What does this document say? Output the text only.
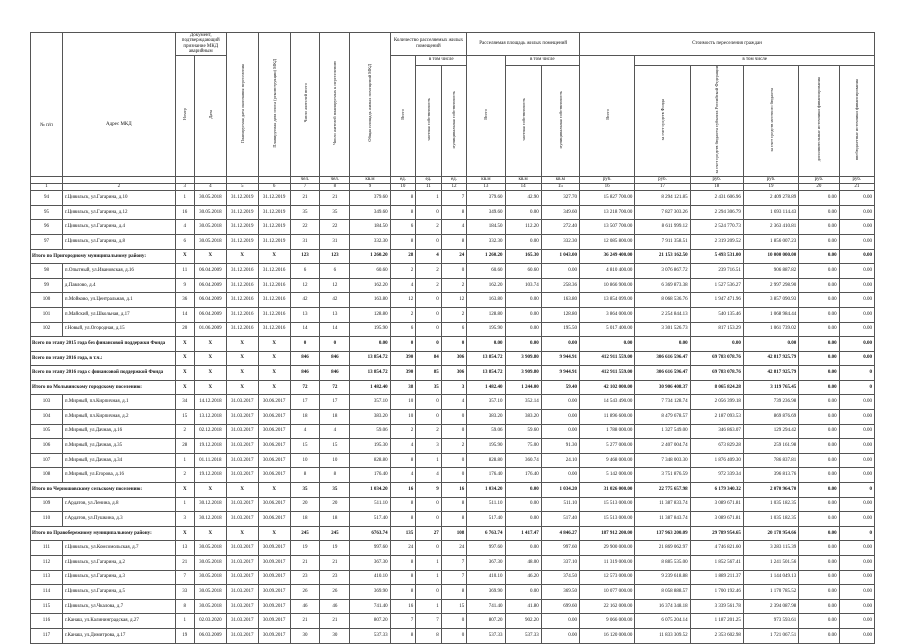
№ п/п	Адрес МКД	Документ, подтверждающий признание МКД аварийным		Планируемая дата окончания переселения	Планируемая дата сноса (реконструкции) МКД	Число жителей всего	Число жителей планируемых к переселению	Общая площадь жилых помещений МКД	Количество расселяемых жилых помещений			Расселяемая площадь жилых помещений			Стоимость переселения граждан					
		Номер	Дата						Всего	в том числе		Всего	в том числе		Всего	в том числе				
										частная собственность	муниципальная собственность		частная собственность	муниципальная собственность		за счет средств Фонда	за счет средств бюджета субъекта Российской Федерации	за счет средств местного бюджета	дополнительные источники финансирования	внебюджетные источники финансирования
						чел.	чел.	кв.м	ед.	ед.	ед.	кв.м	кв.м	кв.м	руб.	руб.	руб.	руб.	руб.	руб.
1	2	3	4	5	6	7	8	9	10	11	12	13	14	15	16	17	18	19	20	21
94	г.Цивильск, ул.Гагарина, д.10	1	30.05.2018	31.12.2019	31.12.2019	21	21	379.60	8	1	7	379.60	42.90	327.70	15 827 700.00	8 294 121.85	2 431 606.96	2 409 278.89	0.00	0.00
95	г.Цивильск, ул.Гагарина, д.12	16	30.05.2018	31.12.2019	31.12.2019	35	35	349.60	8	0	8	349.60	0.00	349.60	13 218 700.00	7 827 303.26	2 294 306.79	1 693 114.43	0.00	0.00
96	г.Цивильск, ул.Гагарина, д.4	4	30.05.2018	31.12.2019	31.12.2019	22	22	184.50	6	2	4	184.50	112.20	272.40	13 507 700.00	8 611 999.12	2 524 770.73	2 363 410.81	0.00	0.00
97	г.Цивильск, ул.Гагарина, д.8	6	30.05.2018	31.12.2019	31.12.2019	31	31	332.30	8	0	8	332.30	0.00	332.30	12 085 800.00	7 911 358.51	2 319 209.52	1 856 007.23	0.00	0.00
Итого по Пригородному муниципальному району:		X	X	X	X	123	123	1 260.20	28	4	24	1 260.20	165.30	1 043.00	36 249 400.00	21 153 162.50	5 493 531.00	10 000 000.00	0.00	0.00
98	п.Опытный, ул.Ивановская, д.16	11	06.04.2009	31.12.2016	31.12.2016	6	6	60.60	2	2	0	60.60	60.60	0.00	4 810 400.00	3 076 867.72	239 716.51	906 887.82	0.00	0.00
99	д.Павлово, д.4	9	06.04.2009	31.12.2016	31.12.2016	12	12	162.20	4	2	2	162.20	103.74	258.36	10 866 900.00	6 369 873.38	1 527 536.27	2 997 298.90	0.00	0.00
100	п.Мойково, ул.Центральная, д.1	36	06.04.2009	31.12.2016	31.12.2016	42	42	163.80	12	0	12	163.80	0.00	163.80	13 854 099.00	8 068 536.76	1 947 471.96	3 857 090.93	0.00	0.00
101	п.Майский, ул.Школьная, д.17	14	06.04.2009	31.12.2016	31.12.2016	13	13	128.80	2	0	2	128.80	0.00	128.80	3 864 000.00	2 254 844.13	540 135.46	1 068 984.44	0.00	0.00
102	г.Новый, ул.Огородная, д.15	20	01.06.2009	31.12.2016	31.12.2016	14	14	195.90	6	0	6	195.90	0.00	195.50	5 017 400.00	3 301 526.73	817 153.29	1 061 739.02	0.00	0.00
Всего по этапу 2015 года без финансовой поддержки Фонда		X	X	X	X	0	0	0.00	0	0	0	0.00	0.00	0.00	0.00	0.00	0.00	0.00	0.00	0.00
Всего по этапу 2016 года, в т.ч.:		X	X	X	X	846	846	13 854.72	390	84	306	13 854.72	3 909.80	9 944.91	412 911 559.00	306 616 596.47	69 783 078.76	42 817 925.79	0.00	0.00
Всего по этапу 2016 года с финансовой поддержкой Фонда		X	X	X	X	846	846	13 854.72	390	85	306	13 854.72	3 909.80	9 944.91	412 911 559.00	306 616 596.47	69 783 078.76	42 817 925.79	0.00	0
Итого по Мольвинскому городскому поселению:		X	X	X	X	72	72	1 482.40	38	35	3	1 482.40	1 244.00	59.40	42 102 000.00	30 906 408.37	8 065 824.28	3 119 765.45	0.00	0
103	п.Мирный, пл.Кирпичная, д.1	34	14.12.2018	31.03.2017	30.06.2017	17	17	357.10	10	0	4	357.10	352.14	0.00	14 543 490.00	7 734 128.74	2 056 399.18	739 236.98	0.00	0.00
104	п.Мирный, пл.Кирпичная, д.2	15	13.12.2018	31.03.2017	30.06.2017	18	18	383.20	10	0	0	383.20	383.20	0.00	11 896 600.00	8 479 678.57	2 187 093.53	869 876.69	0.00	0.00
105	п.Мирный, ул.Дачная, д.16	2	02.12.2018	31.03.2017	30.06.2017	4	4	59.06	2	2	0	59.06	59.60	0.00	1 788 000.00	1 327 549.00	346 863.07	129 294.42	0.00	0.00
106	п.Мирный, ул.Дачная, д.35	28	19.12.2018	31.03.2017	30.06.2017	15	15	195.30	4	3	2	195.90	75.00	91.30	5 277 000.00	2 407 004.74	673 829.28	259 161.98	0.00	0.00
107	п.Мирный, ул.Дачная, д.34	1	01.11.2018	31.03.2017	30.06.2017	10	10	828.80	8	1	0	828.80	360.74	24.10	9 468 000.00	7 348 003.30	1 876 409.30	786 837.81	0.00	0.00
108	п.Мирный, ул.Егорова, д.16	2	19.12.2018	31.03.2017	30.06.2017	8	8	176.40	4	4	0	176.40	176.40	0.00	5 142 000.00	3 751 876.59	972 339.34	396 813.76	0.00	0.00
Итого по Черношовскому сельскому поселению:		X	X	X	X	35	35	1 034.20	16	9	16	1 034.20	0.00	1 034.20	31 026 000.00	22 775 657.98	6 179 340.32	2 070 964.70	0.00	0
109	г.Ардатов, ул.Ленина, д.8	1	30.12.2018	31.03.2017	30.06.2017	20	20	511.10	8	0	8	511.10	0.00	511.10	15 513 000.00	11 387 833.74	3 089 671.81	1 035 182.35	0.00	0.00
110	г.Ардатов, ул.Пушкина, д.3	3	30.12.2018	31.03.2017	30.06.2017	18	18	517.40	8	0	8	517.40	0.00	517.40	15 513 000.00	11 387 843.74	3 089 671.81	1 035 182.35	0.00	0.00
Итого по Правобережному муниципальному району:		X	X	X	X	245	245	6763.74	135	27	108	6 763.74	1 417.47	4 846.27	187 912 200.00	137 963 200.09	29 789 954.65	20 178 954.66	0.00	0
111	г.Цивильск, ул.Комсомольская, д.7	13	30.05.2018	31.03.2017	30.09.2017	19	19	997.60	24	0	24	997.60	0.00	997.60	29 900 000.00	21 869 062.97	4 746 821.60	3 283 115.39	0.00	0.00
112	г.Цивильск, ул.Гагарина, д.2	21	30.05.2018	31.03.2017	30.09.2017	21	21	367.30	8	1	7	367.30	48.00	337.10	11 319 000.00	8 885 535.00	1 852 567.41	1 241 501.56	0.00	0.00
113	г.Цивильск, ул.Гагарина, д.3	7	30.05.2018	31.03.2017	30.09.2017	23	23	410.10	8	1	7	410.10	46.20	374.50	12 573 000.00	9 239 618.88	1 889 211.37	1 144 049.13	0.00	0.00
114	г.Цивильск, ул.Гагарина, д.5	33	30.05.2018	31.03.2017	30.09.2017	26	26	369.90	8	0	8	369.90	0.00	369.50	10 077 000.00	8 058 888.57	1 700 192.46	1 170 785.52	0.00	0.00
115	г.Цивильск, ул.Чкалова, д.7	8	30.05.2018	31.03.2017	30.09.2017	46	46	741.40	16	1	15	741.40	41.80	699.60	22 162 000.00	16 374 348.18	3 339 561.78	2 394 087.98	0.00	0.00
116	г.Канаш, ул.Калининградская, д.27	1	02.03.2020	31.03.2017	30.09.2017	21	21	807.20	7	7	0	807.20	902.20	0.00	9 066 000.00	6 075 204.14	1 187 201.25	973 593.61	0.00	0.00
117	г.Канаш, ул.Димитрова, д.17	19	06.03.2009	31.03.2017	30.09.2017	30	30	537.33	8	8	0	537.33	537.33	0.00	16 120 000.00	11 833 309.52	2 353 602.98	1 721 067.51	0.00	0.00
